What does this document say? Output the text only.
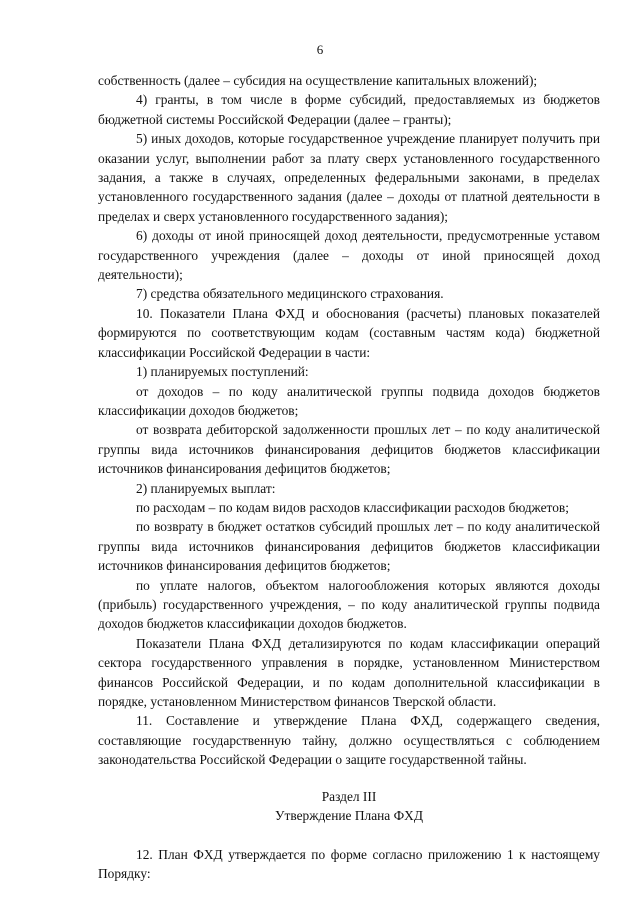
6

собственность (далее – субсидия на осуществление капитальных вложений);

4) гранты, в том числе в форме субсидий, предоставляемых из бюджетов бюджетной системы Российской Федерации (далее – гранты);

5) иных доходов, которые государственное учреждение планирует получить при оказании услуг, выполнении работ за плату сверх установленного государственного задания, а также в случаях, определенных федеральными законами, в пределах установленного государственного задания (далее – доходы от платной деятельности в пределах и сверх установленного государственного задания);

6) доходы от иной приносящей доход деятельности, предусмотренные уставом государственного учреждения (далее – доходы от иной приносящей доход деятельности);

7) средства обязательного медицинского страхования.

10. Показатели Плана ФХД и обоснования (расчеты) плановых показателей формируются по соответствующим кодам (составным частям кода) бюджетной классификации Российской Федерации в части:

1) планируемых поступлений:

от доходов – по коду аналитической группы подвида доходов бюджетов классификации доходов бюджетов;

от возврата дебиторской задолженности прошлых лет – по коду аналитической группы вида источников финансирования дефицитов бюджетов классификации источников финансирования дефицитов бюджетов;

2) планируемых выплат:

по расходам – по кодам видов расходов классификации расходов бюджетов;

по возврату в бюджет остатков субсидий прошлых лет – по коду аналитической группы вида источников финансирования дефицитов бюджетов классификации источников финансирования дефицитов бюджетов;

по уплате налогов, объектом налогообложения которых являются доходы (прибыль) государственного учреждения, – по коду аналитической группы подвида доходов бюджетов классификации доходов бюджетов.

Показатели Плана ФХД детализируются по кодам классификации операций сектора государственного управления в порядке, установленном Министерством финансов Российской Федерации, и по кодам дополнительной классификации в порядке, установленном Министерством финансов Тверской области.

11. Составление и утверждение Плана ФХД, содержащего сведения, составляющие государственную тайну, должно осуществляться с соблюдением законодательства Российской Федерации о защите государственной тайны.

Раздел III
Утверждение Плана ФХД

12. План ФХД утверждается по форме согласно приложению 1 к настоящему Порядку:
